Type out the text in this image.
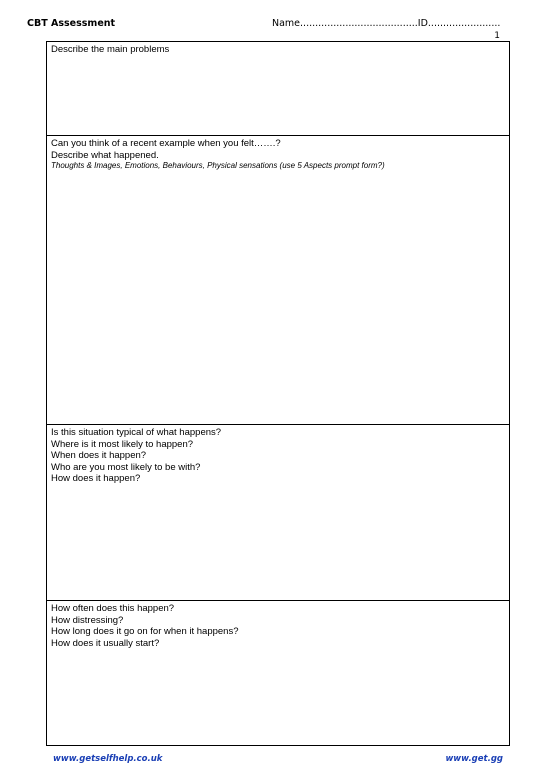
CBT Assessment	Name.......................................ID........................
1
Describe the main problems
Can you think of a recent example when you felt…….?
Describe what happened.
Thoughts & Images, Emotions, Behaviours, Physical sensations (use 5 Aspects prompt form?)
Is this situation typical of what happens?
Where is it most likely to happen?
When does it happen?
Who are you most likely to be with?
How does it happen?
How often does this happen?
How distressing?
How long does it go on for when it happens?
How does it usually start?
www.getselfhelp.co.uk	www.get.gg
